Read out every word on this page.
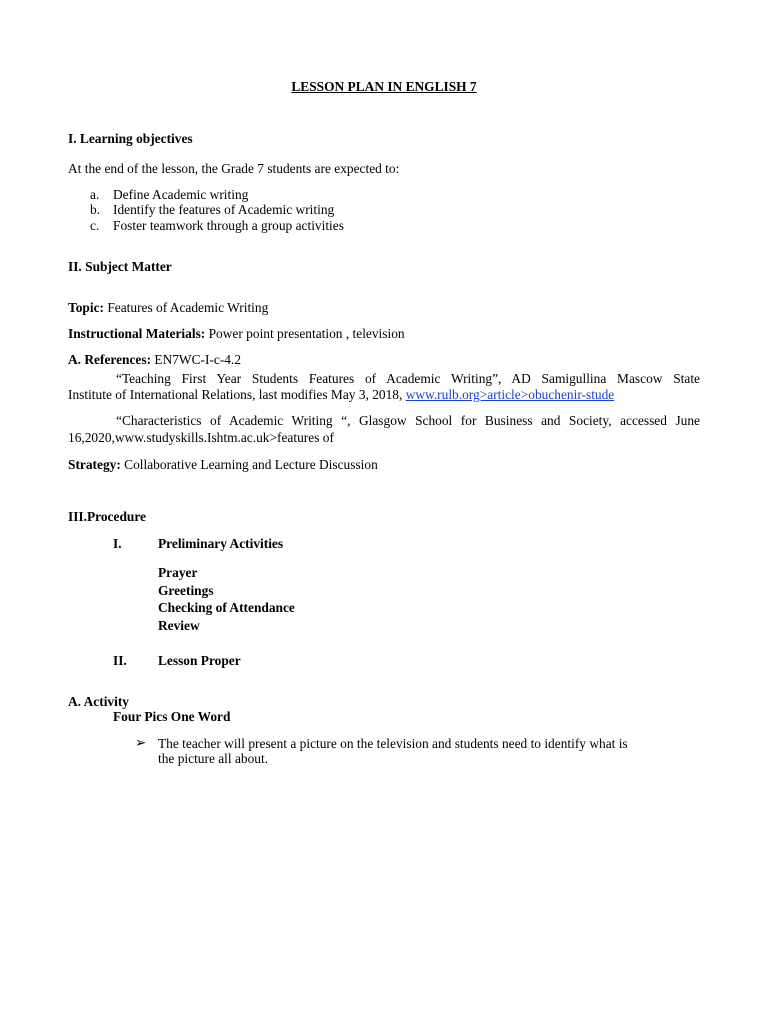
LESSON PLAN IN ENGLISH 7
I. Learning objectives
At the end of the lesson, the Grade 7 students are expected to:
a. Define Academic writing
b. Identify the features of Academic writing
c. Foster teamwork through a group activities
II. Subject Matter
Topic: Features of Academic Writing
Instructional Materials: Power point presentation , television
A. References: EN7WC-I-c-4.2
“Teaching First Year Students Features of Academic Writing”, AD Samigullina Mascow State
Institute of International Relations, last modifies May 3, 2018, www.rulb.org>article>obuchenir-stude
“Characteristics of Academic Writing “, Glasgow School for Business and Society, accessed June
16,2020,www.studyskills.Ishtm.ac.uk>features of
Strategy: Collaborative Learning and Lecture Discussion
III.Procedure
I.	Preliminary Activities
Prayer
Greetings
Checking of Attendance
Review
II. Lesson Proper
A. Activity
Four Pics One Word
➢ The teacher will present a picture on the television and students need to identify what is
the picture all about.
